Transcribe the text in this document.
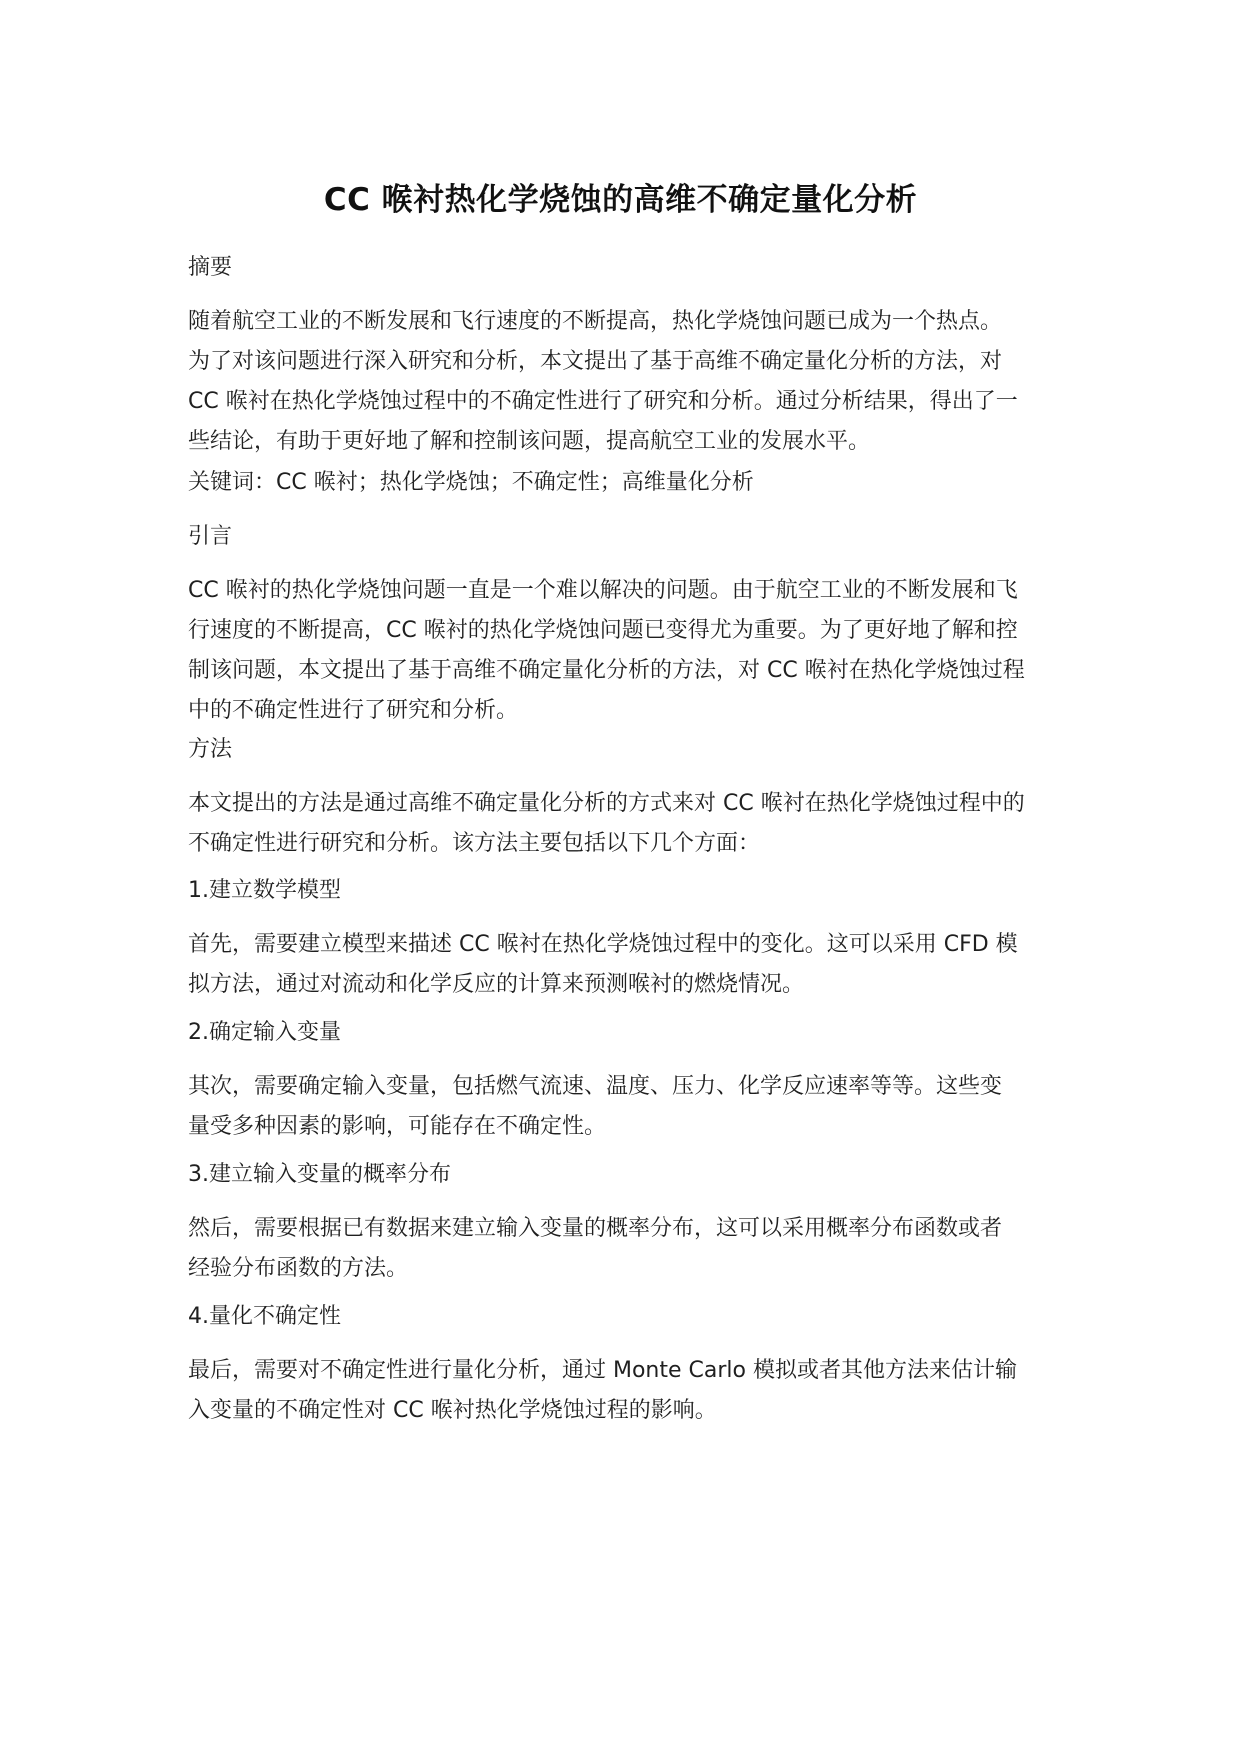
CC 喉衬热化学烧蚀的高维不确定量化分析
摘要
随着航空工业的不断发展和飞行速度的不断提高，热化学烧蚀问题已成为一个热点。
为了对该问题进行深入研究和分析，本文提出了基于高维不确定量化分析的方法，对
CC 喉衬在热化学烧蚀过程中的不确定性进行了研究和分析。通过分析结果，得出了一
些结论，有助于更好地了解和控制该问题，提高航空工业的发展水平。
关键词：CC 喉衬；热化学烧蚀；不确定性；高维量化分析
引言
CC 喉衬的热化学烧蚀问题一直是一个难以解决的问题。由于航空工业的不断发展和飞
行速度的不断提高，CC 喉衬的热化学烧蚀问题已变得尤为重要。为了更好地了解和控
制该问题，本文提出了基于高维不确定量化分析的方法，对 CC 喉衬在热化学烧蚀过程
中的不确定性进行了研究和分析。
方法
本文提出的方法是通过高维不确定量化分析的方式来对 CC 喉衬在热化学烧蚀过程中的
不确定性进行研究和分析。该方法主要包括以下几个方面：
1.建立数学模型
首先，需要建立模型来描述 CC 喉衬在热化学烧蚀过程中的变化。这可以采用 CFD 模
拟方法，通过对流动和化学反应的计算来预测喉衬的燃烧情况。
2.确定输入变量
其次，需要确定输入变量，包括燃气流速、温度、压力、化学反应速率等等。这些变
量受多种因素的影响，可能存在不确定性。
3.建立输入变量的概率分布
然后，需要根据已有数据来建立输入变量的概率分布，这可以采用概率分布函数或者
经验分布函数的方法。
4.量化不确定性
最后，需要对不确定性进行量化分析，通过 Monte Carlo 模拟或者其他方法来估计输
入变量的不确定性对 CC 喉衬热化学烧蚀过程的影响。
